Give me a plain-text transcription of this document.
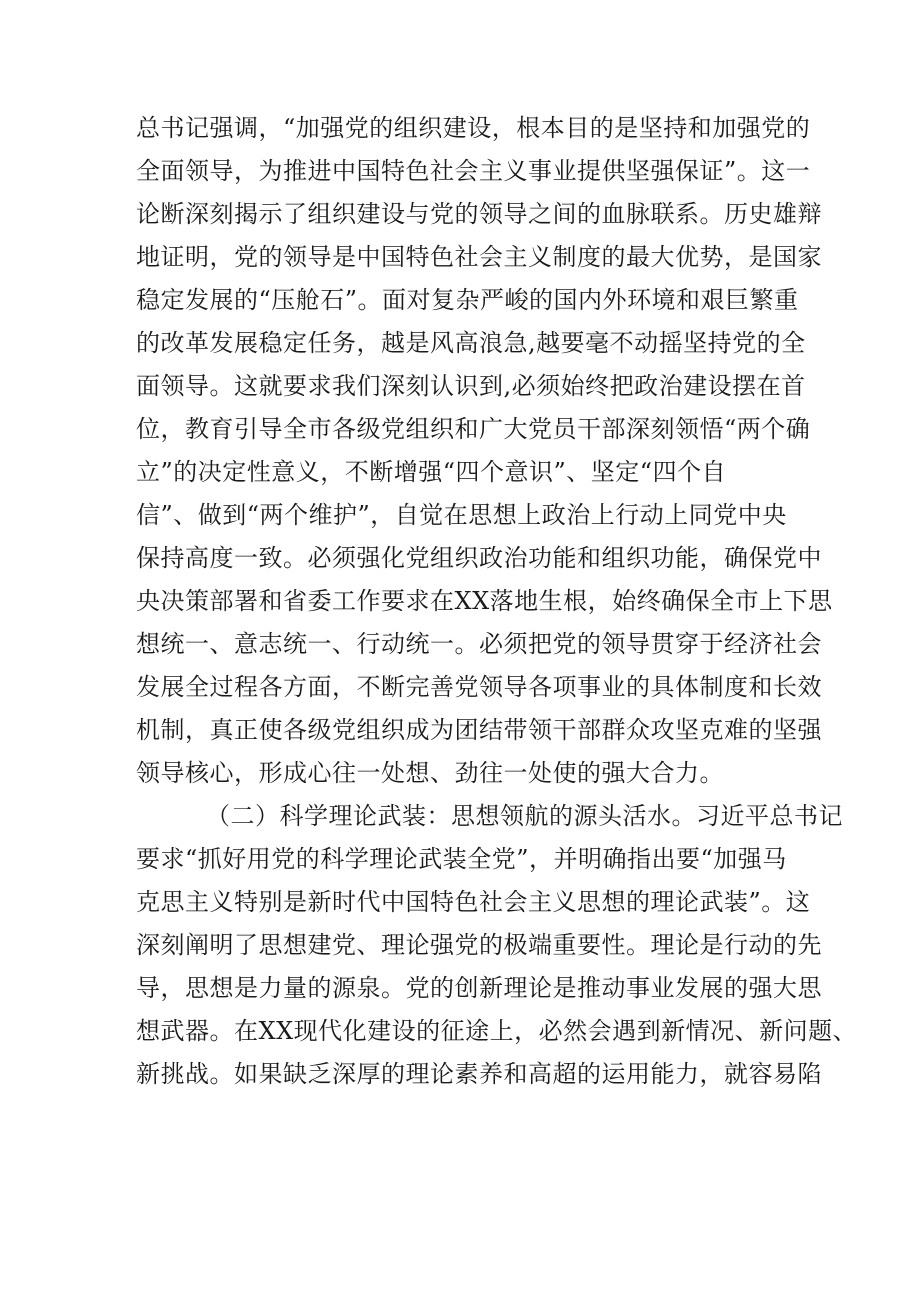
总书记强调，“加强党的组织建设，根本目的是坚持和加强党的
全面领导，为推进中国特色社会主义事业提供坚强保证”。这一
论断深刻揭示了组织建设与党的领导之间的血脉联系。历史雄辩
地证明，党的领导是中国特色社会主义制度的最大优势，是国家
稳定发展的“压舱石”。面对复杂严峻的国内外环境和艰巨繁重
的改革发展稳定任务，越是风高浪急,越要毫不动摇坚持党的全
面领导。这就要求我们深刻认识到,必须始终把政治建设摆在首
位，教育引导全市各级党组织和广大党员干部深刻领悟“两个确
立”的决定性意义，不断增强“四个意识”、坚定“四个自
信”、做到“两个维护”，自觉在思想上政治上行动上同党中央
保持高度一致。必须强化党组织政治功能和组织功能，确保党中
央决策部署和省委工作要求在XX落地生根，始终确保全市上下思
想统一、意志统一、行动统一。必须把党的领导贯穿于经济社会
发展全过程各方面，不断完善党领导各项事业的具体制度和长效
机制，真正使各级党组织成为团结带领干部群众攻坚克难的坚强
领导核心，形成心往一处想、劲往一处使的强大合力。
（二）科学理论武装：思想领航的源头活水。习近平总书记
要求“抓好用党的科学理论武装全党”，并明确指出要“加强马
克思主义特别是新时代中国特色社会主义思想的理论武装”。这
深刻阐明了思想建党、理论强党的极端重要性。理论是行动的先
导，思想是力量的源泉。党的创新理论是推动事业发展的强大思
想武器。在XX现代化建设的征途上，必然会遇到新情况、新问题、
新挑战。如果缺乏深厚的理论素养和高超的运用能力，就容易陷
